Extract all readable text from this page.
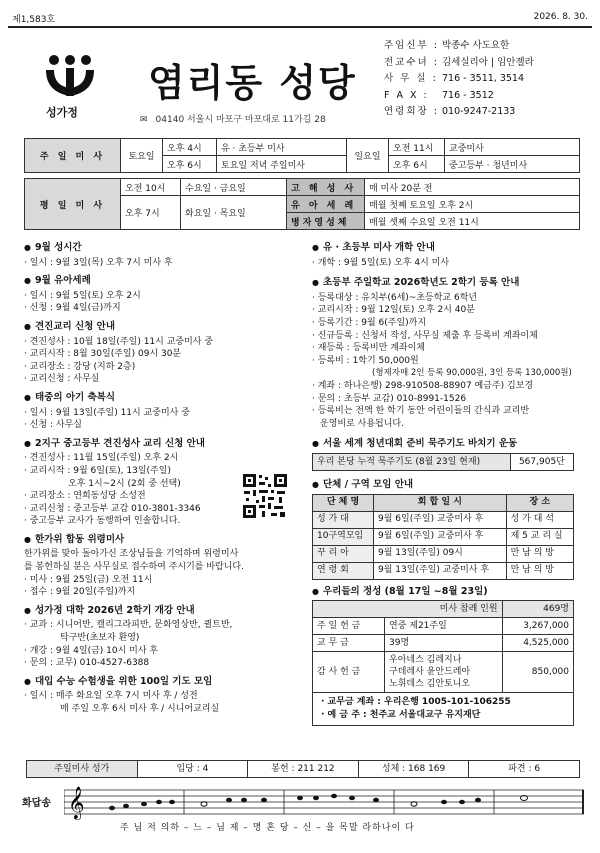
제1,583호	2026. 8. 30.
성가정
염리동 성당
✉ 04140 서울시 마포구 마포대로 11가길 28
주임신부 : 박종수 사도요한
전교수녀 : 김세실리아 | 임안젤라
사 무 실 : 716 - 3511, 3514
F A X :	716 - 3512
연령회장 : 010-9247-2133
주 일 미 사	토요일	오후 4시	유 · 초등부 미사	일요일	오전 11시	교중미사
		오후 6시	토요일 저녁 주일미사		오후 6시	중고등부 · 청년미사
평 일 미 사	오전 10시	수요일 · 금요일	고 해 성 사	매 미사 20분 전
	오후 7시	화요일 · 목요일	유 아 세 례	매월 첫째 토요일 오후 2시
			병자영성체	매월 셋째 수요일 오전 11시
● 9월 성시간
· 일시 : 9월 3일(목) 오후 7시 미사 후
● 9월 유아세례
· 일시 : 9월 5일(토) 오후 2시
· 신청 : 9월 4일(금)까지
● 견진교리 신청 안내
· 견진성사 : 10월 18일(주일) 11시 교중미사 중
· 교리시작 : 8월 30일(주일) 09시 30분
· 교리장소 : 강당 (지하 2층)
· 교리신청 : 사무실
● 태중의 아기 축복식
· 일시 : 9월 13일(주일) 11시 교중미사 중
· 신청 : 사무실
● 2지구 중고등부 견진성사 교리 신청 안내
· 견진성사 : 11월 15일(주일) 오후 2시
· 교리시작 : 9월 6일(토), 13일(주일)
오후 1시~2시 (2회 중 선택)
· 교리장소 : 연희동성당 소성전
· 교리신청 : 중고등부 교감 010-3801-3346
· 중고등부 교사가 동행하여 인솔합니다.
● 한가위 합동 위령미사
한가위를 맞아 돌아가신 조상님들을 기억하며 위령미사
를 봉헌하실 분은 사무실로 접수하여 주시기를 바랍니다.
· 미사 : 9월 25일(금) 오전 11시
· 접수 : 9월 20일(주일)까지
● 성가정 대학 2026년 2학기 개강 안내
· 교과 : 시니어반, 캘리그라피반, 문화영상반, 퀼트반,
탁구반(초보자 환영)
· 개강 : 9월 4일(금) 10시 미사 후
· 문의 : 교무) 010-4527-6388
● 대입 수능 수험생을 위한 100일 기도 모임
· 일시 : 매주 화요일 오후 7시 미사 후 / 성전
매 주일 오후 6시 미사 후 / 시니어교리실
● 유 · 초등부 미사 개학 안내
· 개학 : 9월 5일(토) 오후 4시 미사
● 초등부 주일학교 2026학년도 2학기 등록 안내
· 등록대상 : 유치부(6세)~초등학교 6학년
· 교리시작 : 9월 12일(토) 오후 2시 40분
· 등록기간 : 9월 6(주일)까지
· 신규등록 : 신청서 작성, 사무실 제출 후 등록비 계좌이체
· 재등록 : 등록비만 계좌이체
· 등록비 : 1학기 50,000원
(형제자매 2인 등록 90,000원, 3인 등록 130,000원)
· 계좌 : 하나은행) 298-910508-88907 예금주) 김보경
· 문의 : 초등부 교감) 010-8991-1526
· 등록비는 전액 한 학기 동안 어린이들의 간식과 교리반
운영비로 사용됩니다.
● 서울 세계 청년대회 준비 묵주기도 바치기 운동
우리 본당 누적 묵주기도 (8월 23일 현재)	567,905단
● 단체 / 구역 모임 안내
단 체 명	회 합 일 시	장 소
성 가 대	9월 6일(주일) 교중미사 후	성 가 대 석
10구역모임	9월 6일(주일) 교중미사 후	제 5 교 리 실
꾸 리 아	9월 13일(주일) 09시	만 남 의 방
연 령 회	9월 13일(주일) 교중미사 후	만 남 의 방
● 우리들의 정성 (8월 17일 ~8월 23일)
미사 참례 인원		469명
주 일 헌 금	연중 제21주일	3,267,000
교 무 금	39명	4,525,000
감 사 헌 금	우아네스 김레지나
구데레사 윤안드레아
노휘데스 김안토니오	850,000

· 교무금 계좌 : 우리은행 1005-101-106255
· 예 금 주 : 천주교 서울대교구 유지재단		
주일미사 성가	입당 : 4	봉헌 : 211 212	성체 : 168 169	파견 : 6
화답송 𝄞
주 님 저 의하 – 느 – 님 제 – 명 혼 당 – 신 – 을 목말 라하나이 다
